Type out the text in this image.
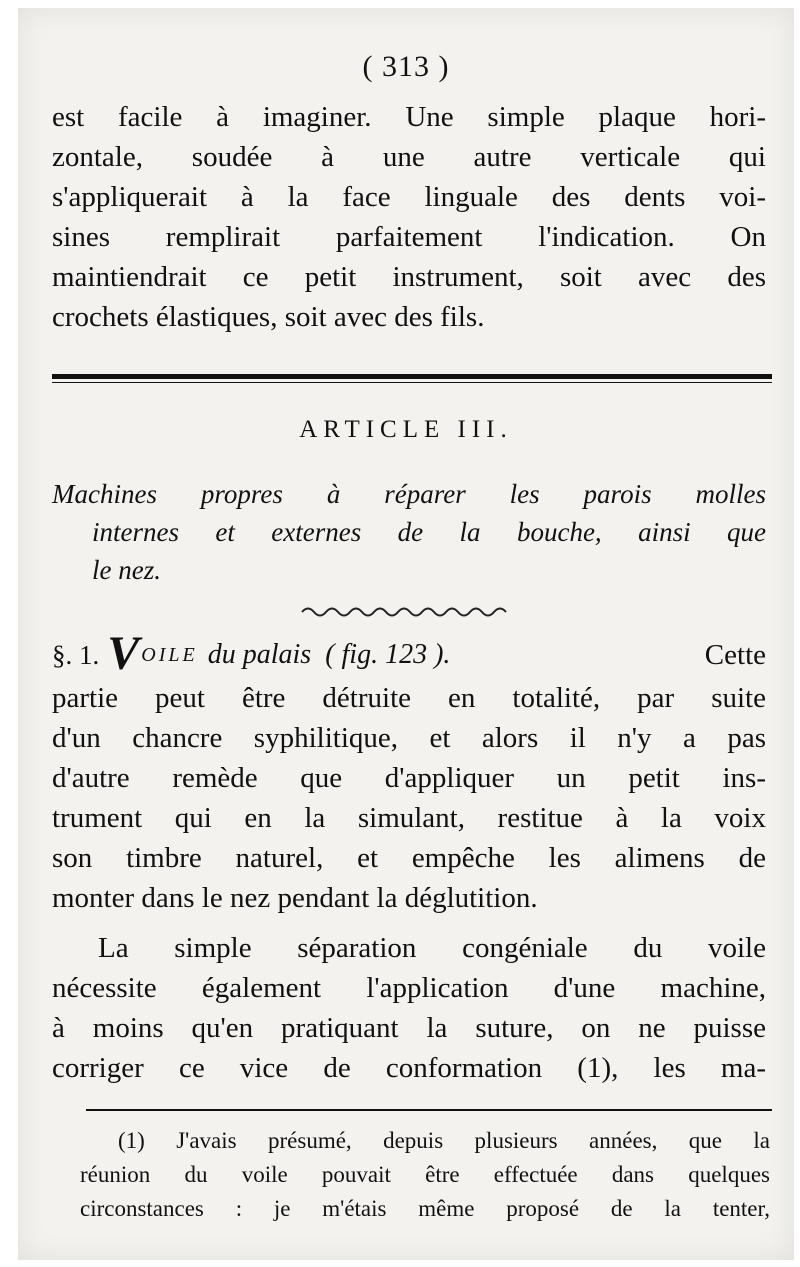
( 313 )
est facile à imaginer. Une simple plaque hori-
zontale, soudée à une autre verticale qui
s'appliquerait à la face linguale des dents voi-
sines remplirait parfaitement l'indication. On
maintiendrait ce petit instrument, soit avec des
crochets élastiques, soit avec des fils.
ARTICLE III.
Machines propres à réparer les parois molles
internes et externes de la bouche, ainsi que
le nez.
§. 1. V OILE du palais ( fig. 123 ).	Cette
partie peut être détruite en totalité, par suite
d'un chancre syphilitique, et alors il n'y a pas
d'autre remède que d'appliquer un petit ins-
trument qui en la simulant, restitue à la voix
son timbre naturel, et empêche les alimens de
monter dans le nez pendant la déglutition.
La simple séparation congéniale du voile
nécessite également l'application d'une machine,
à moins qu'en pratiquant la suture, on ne puisse
corriger ce vice de conformation (1), les ma-
(1) J'avais présumé, depuis plusieurs années, que la
réunion du voile pouvait être effectuée dans quelques
circonstances : je m'étais même proposé de la tenter,
